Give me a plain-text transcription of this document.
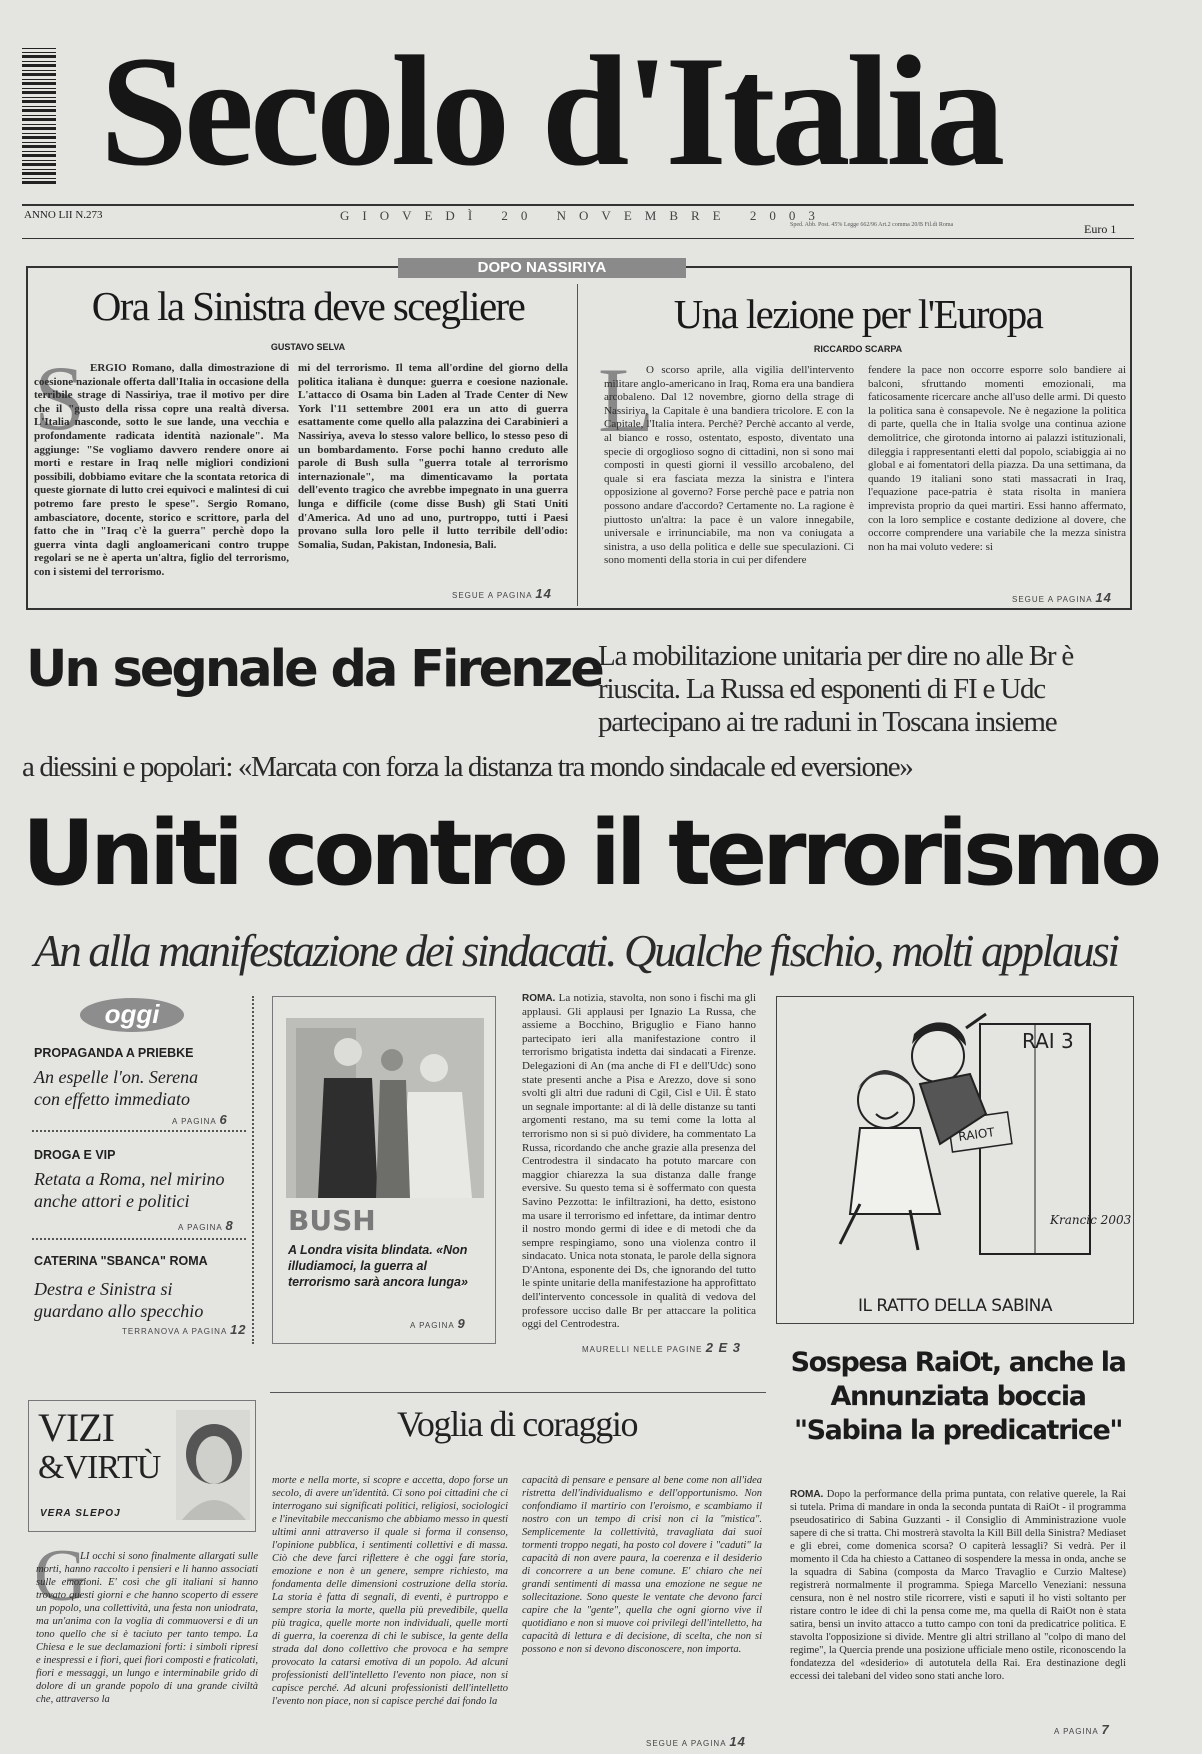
Secolo d'Italia
ANNO LII N.273	GIOVEDÌ 20 NOVEMBRE 2003
Sped. Abb. Post. 45% Legge 662/96 Art.2 comma 20/B Fil.di Roma	Euro 1
DOPO NASSIRIYA
Ora la Sinistra deve scegliere
GUSTAVO SELVA
S ERGIO Romano, dalla dimostrazione di coesione nazionale offerta dall'Italia in occasione della terribile strage di Nassiriya, trae il motivo per dire che il "gusto della rissa copre una realtà diversa. L'Italia nasconde, sotto le sue lande, una vecchia e profondamente radicata identità nazionale". Ma aggiunge: "Se vogliamo davvero rendere onore ai morti e restare in Iraq nelle migliori condizioni possibili, dobbiamo evitare che la scontata retorica di queste giornate di lutto crei equivoci e malintesi di cui potremo fare presto le spese". Sergio Romano, ambasciatore, docente, storico e scrittore, parla del fatto che in "Iraq c'è la guerra" perchè dopo la guerra vinta dagli angloamericani contro truppe regolari se ne è aperta un'altra, figlio del terrorismo, con i sistemi del terrorismo.
mi del terrorismo. Il tema all'ordine del giorno della politica italiana è dunque: guerra e coesione nazionale. L'attacco di Osama bin Laden al Trade Center di New York l'11 settembre 2001 era un atto di guerra esattamente come quello alla palazzina dei Carabinieri a Nassiriya, aveva lo stesso valore bellico, lo stesso peso di un bombardamento. Forse pochi hanno creduto alle parole di Bush sulla "guerra totale al terrorismo internazionale", ma dimenticavamo la portata dell'evento tragico che avrebbe impegnato in una guerra lunga e difficile (come disse Bush) gli Stati Uniti d'America. Ad uno ad uno, purtroppo, tutti i Paesi provano sulla loro pelle il lutto terribile dell'odio: Somalia, Sudan, Pakistan, Indonesia, Bali.
SEGUE A PAGINA 14
Una lezione per l'Europa
RICCARDO SCARPA
L
O scorso aprile, alla vigilia dell'intervento militare anglo-americano in Iraq, Roma era una bandiera arcobaleno. Dal 12 novembre, giorno della strage di Nassiriya, la Capitale è una bandiera tricolore. E con la Capitale, l'Italia intera. Perchè? Perchè accanto al verde, al bianco e rosso, ostentato, esposto, diventato una specie di orgoglioso sogno di cittadini, non si sono mai composti in questi giorni il vessillo arcobaleno, del quale si era fasciata mezza la sinistra e l'intera opposizione al governo? Forse perchè pace e patria non possono andare d'accordo? Certamente no. La ragione è piuttosto un'altra: la pace è un valore innegabile, universale e irrinunciabile, ma non va coniugata a sinistra, a uso della politica e delle sue speculazioni. Ci sono momenti della storia in cui per difendere
fendere la pace non occorre esporre solo bandiere ai balconi, sfruttando momenti emozionali, ma faticosamente ricercare anche all'uso delle armi. Di questo la politica sana è consapevole. Ne è negazione la politica di parte, quella che in Italia svolge una continua azione demolitrice, che girotonda intorno ai palazzi istituzionali, dileggia i rappresentanti eletti dal popolo, sciabiggia ai no global e ai fomentatori della piazza. Da una settimana, da quando 19 italiani sono stati massacrati in Iraq, l'equazione pace-patria è stata risolta in maniera imprevista proprio da quei martiri. Essi hanno affermato, con la loro semplice e costante dedizione al dovere, che occorre comprendere una variabile che la mezza sinistra non ha mai voluto vedere: si
SEGUE A PAGINA 14
Un segnale da Firenze
La mobilitazione unitaria per dire no alle Br è riuscita. La Russa ed esponenti di FI e Udc partecipano ai tre raduni in Toscana insieme
a diessini e popolari: «Marcata con forza la distanza tra mondo sindacale ed eversione»
Uniti contro il terrorismo
An alla manifestazione dei sindacati. Qualche fischio, molti applausi
oggi
PROPAGANDA A PRIEBKE
An espelle l'on. Serena con effetto immediato
A PAGINA 6
DROGA E VIP
Retata a Roma, nel mirino anche attori e politici
A PAGINA 8
CATERINA "SBANCA" ROMA
Destra e Sinistra si guardano allo specchio
TERRANOVA A PAGINA 12
BUSH
A Londra visita blindata. «Non illudiamoci, la guerra al terrorismo sarà ancora lunga»
A PAGINA 9
ROMA. La notizia, stavolta, non sono i fischi ma gli applausi. Gli applausi per Ignazio La Russa, che assieme a Bocchino, Briguglio e Fiano hanno partecipato ieri alla manifestazione contro il terrorismo brigatista indetta dai sindacati a Firenze. Delegazioni di An (ma anche di FI e dell'Udc) sono state presenti anche a Pisa e Arezzo, dove si sono svolti gli altri due raduni di Cgil, Cisl e Uil. È stato un segnale importante: al di là delle distanze su tanti argomenti restano, ma su temi come la lotta al terrorismo non si si può dividere, ha commentato La Russa, ricordando che anche grazie alla presenza del Centrodestra il sindacato ha potuto marcare con maggior chiarezza la sua distanza dalle frange eversive. Su questo tema si è soffermato con questa Savino Pezzotta: le infiltrazioni, ha detto, esistono ma usare il terrorismo ed infettare, da intimar dentro il nostro mondo germi di idee e di metodi che da sempre respingiamo, sono una violenza contro il sindacato. Unica nota stonata, le parole della signora D'Antona, esponente dei Ds, che ignorando del tutto le spinte unitarie della manifestazione ha approfittato dell'intervento concessole in qualità di vedova del professore ucciso dalle Br per attaccare la politica oggi del Centrodestra.
MAURELLI NELLE PAGINE 2 E 3
RAI 3
RAIOT
Krancic 2003
IL RATTO DELLA SABINA
Sospesa RaiOt, anche la Annunziata boccia "Sabina la predicatrice"
ROMA. Dopo la performance della prima puntata, con relative querele, la Rai si tutela. Prima di mandare in onda la seconda puntata di RaiOt - il programma pseudosatirico di Sabina Guzzanti - il Consiglio di Amministrazione vuole sapere di che si tratta. Chi mostrerà stavolta la Kill Bill della Sinistra? Mediaset e gli ebrei, come domenica scorsa? O capiterà lessagli? Si vedrà. Per il momento il Cda ha chiesto a Cattaneo di sospendere la messa in onda, anche se la squadra di Sabina (composta da Marco Travaglio e Curzio Maltese) registrerà normalmente il programma. Spiega Marcello Veneziani: nessuna censura, non è nel nostro stile ricorrere, visti e saputi il ho visti soltanto per ristare contro le idee di chi la pensa come me, ma quella di RaiOt non è stata satira, bensì un invito attacco a tutto campo con toni da predicatrice politica. E stavolta l'opposizione si divide. Mentre gli altri strillano al "colpo di mano del regime", la Quercia prende una posizione ufficiale meno ostile, riconoscendo la fondatezza del «desiderio» di autotutela della Rai. Era destinazione degli eccessi dei talebani del video sono stati anche loro.
A PAGINA 7
VIZI
&VIRTÙ
VERA SLEPOJ
Voglia di coraggio
G
LI occhi si sono finalmente allargati sulle morti, hanno raccolto i pensieri e li hanno associati sulle emozioni. E' così che gli italiani si hanno trovato questi giorni e che hanno scoperto di essere un popolo, una collettività, una festa non uniodrata, ma un'anima con la voglia di commuoversi e di un tono quello che si è taciuto per tanto tempo. La Chiesa e le sue declamazioni forti: i simboli ripresi e inespressi e i fiori, quei fiori composti e fraticolati, fiori e messaggi, un lungo e interminabile grido di dolore di un grande popolo di una grande civiltà che, attraverso la
morte e nella morte, si scopre e accetta, dopo forse un secolo, di avere un'identità. Ci sono poi cittadini che ci interrogano sui significati politici, religiosi, sociologici e l'inevitabile meccanismo che abbiamo messo in questi ultimi anni attraverso il quale si forma il consenso, l'opinione pubblica, i sentimenti collettivi e di massa. Ciò che deve farci riflettere è che oggi fare storia, emozione e non è un genere, sempre richiesto, ma fondamenta delle dimensioni costruzione della storia. La storia è fatta di segnali, di eventi, è purtroppo e sempre storia la morte, quella più prevedibile, quella più tragica, quelle morte non individuali, quelle morti di guerra, la coerenza di chi le subisce, la gente della strada dal dono collettivo che provoca e ha sempre provocato la catarsi emotiva di un popolo. Ad alcuni professionisti dell'intelletto l'evento non piace, non si capisce perché. Ad alcuni professionisti dell'intelletto l'evento non piace, non si capisce perché dai fondo la
capacità di pensare e pensare al bene come non all'idea ristretta dell'individualismo e dell'opportunismo. Non confondiamo il martirio con l'eroismo, e scambiamo il nostro con un tempo di crisi non ci la "mistica". Semplicemente la collettività, travagliata dai suoi tormenti troppo negati, ha posto col dovere i "caduti" la capacità di non avere paura, la coerenza e il desiderio di concorrere a un bene comune. E' chiaro che nei grandi sentimenti di massa una emozione ne segue ne sollecitazione. Sono queste le ventate che devono farci capire che la "gente", quella che ogni giorno vive il quotidiano e non si muove coi privilegi dell'intelletto, ha capacità di lettura e di decisione, di scelta, che non si possono e non si devono disconoscere, non importa.
SEGUE A PAGINA 14
